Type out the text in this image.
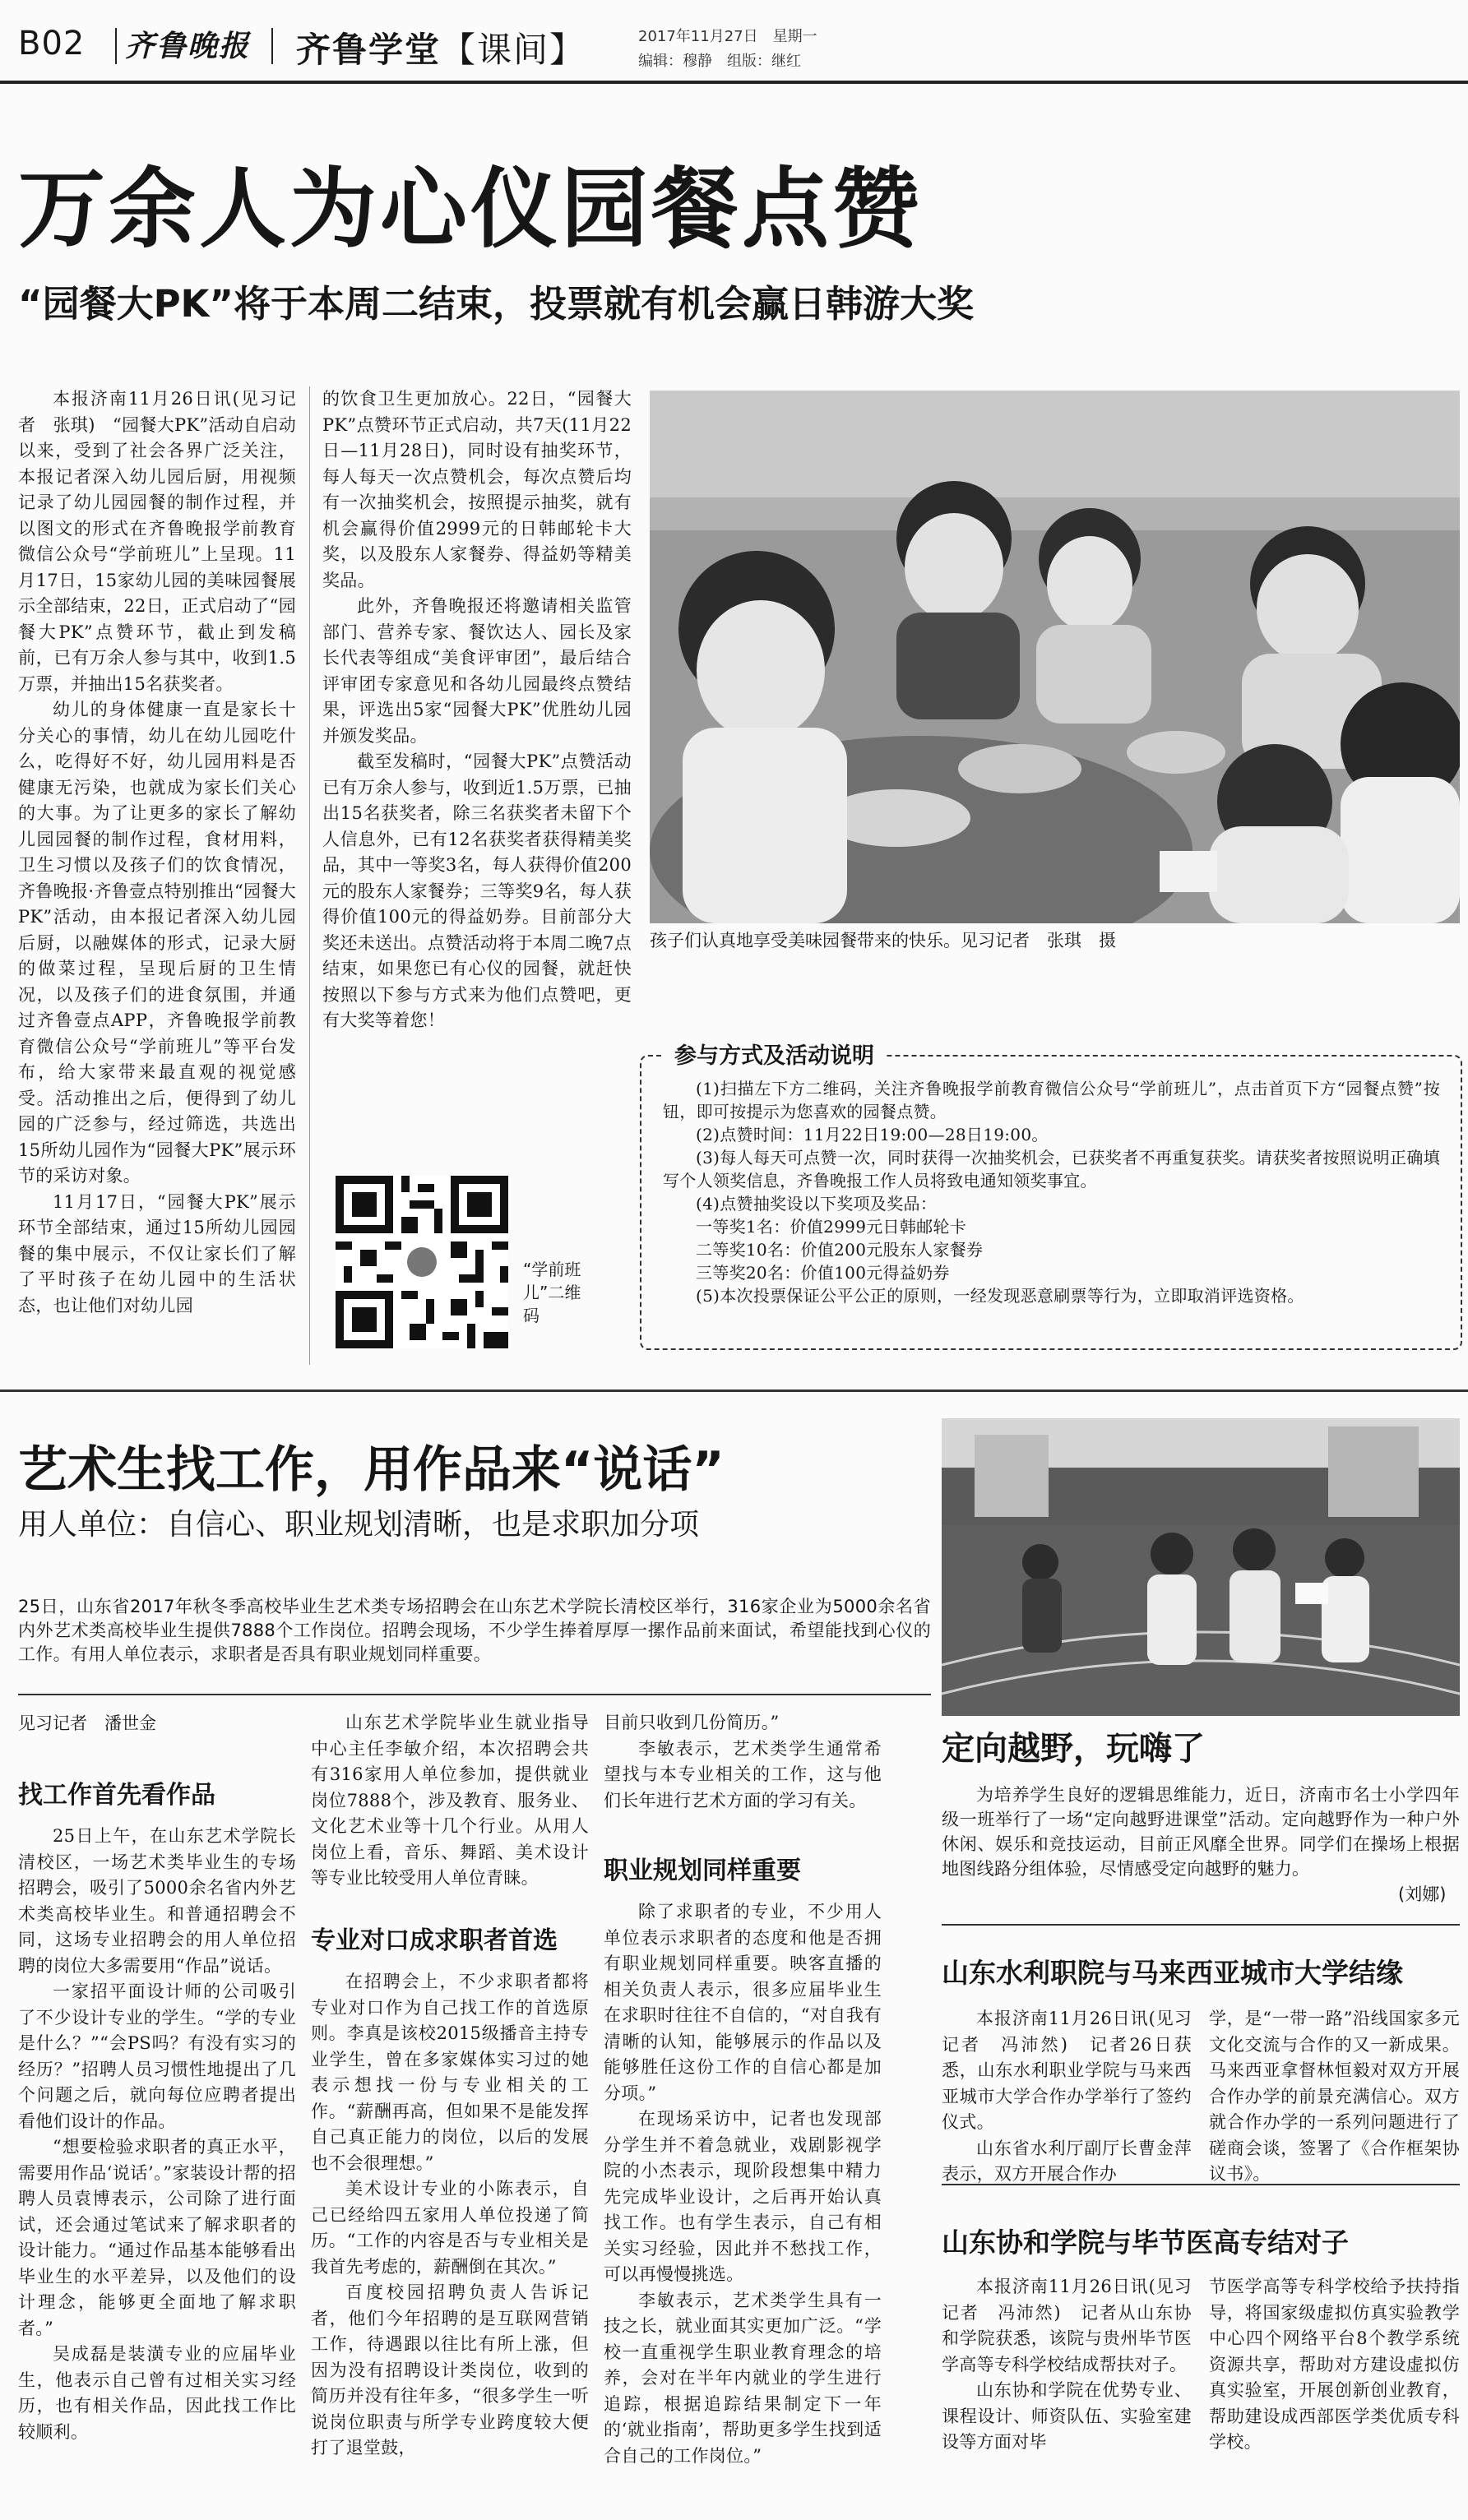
B02 齐鲁晚报 齐鲁学堂【课间】	2017年11月27日　星期一
编辑：穆静　组版：继红
万余人为心仪园餐点赞
“园餐大PK”将于本周二结束，投票就有机会赢日韩游大奖

本报济南11月26日讯(见习记者　张琪)　“园餐大PK”活动自启动以来，受到了社会各界广泛关注，本报记者深入幼儿园后厨，用视频记录了幼儿园园餐的制作过程，并以图文的形式在齐鲁晚报学前教育微信公众号“学前班儿”上呈现。11月17日，15家幼儿园的美味园餐展示全部结束，22日，正式启动了“园餐大PK”点赞环节，截止到发稿前，已有万余人参与其中，收到1.5万票，并抽出15名获奖者。

幼儿的身体健康一直是家长十分关心的事情，幼儿在幼儿园吃什么，吃得好不好，幼儿园用料是否健康无污染，也就成为家长们关心的大事。为了让更多的家长了解幼儿园园餐的制作过程，食材用料，卫生习惯以及孩子们的饮食情况，齐鲁晚报·齐鲁壹点特别推出“园餐大PK”活动，由本报记者深入幼儿园后厨，以融媒体的形式，记录大厨的做菜过程，呈现后厨的卫生情况，以及孩子们的进食氛围，并通过齐鲁壹点APP，齐鲁晚报学前教育微信公众号“学前班儿”等平台发布，给大家带来最直观的视觉感受。活动推出之后，便得到了幼儿园的广泛参与，经过筛选，共选出15所幼儿园作为“园餐大PK”展示环节的采访对象。

11月17日，“园餐大PK”展示环节全部结束，通过15所幼儿园园餐的集中展示，不仅让家长们了解了平时孩子在幼儿园中的生活状态，也让他们对幼儿园

的饮食卫生更加放心。22日，“园餐大PK”点赞环节正式启动，共7天(11月22日—11月28日)，同时设有抽奖环节，每人每天一次点赞机会，每次点赞后均有一次抽奖机会，按照提示抽奖，就有机会赢得价值2999元的日韩邮轮卡大奖，以及股东人家餐券、得益奶等精美奖品。

此外，齐鲁晚报还将邀请相关监管部门、营养专家、餐饮达人、园长及家长代表等组成“美食评审团”，最后结合评审团专家意见和各幼儿园最终点赞结果，评选出5家“园餐大PK”优胜幼儿园并颁发奖品。

截至发稿时，“园餐大PK”点赞活动已有万余人参与，收到近1.5万票，已抽出15名获奖者，除三名获奖者未留下个人信息外，已有12名获奖者获得精美奖品，其中一等奖3名，每人获得价值200元的股东人家餐券；三等奖9名，每人获得价值100元的得益奶券。目前部分大奖还未送出。点赞活动将于本周二晚7点结束，如果您已有心仪的园餐，就赶快按照以下参与方式来为他们点赞吧，更有大奖等着您！

“学前班儿”二维码
孩子们认真地享受美味园餐带来的快乐。见习记者　张琪　摄
参与方式及活动说明

(1)扫描左下方二维码，关注齐鲁晚报学前教育微信公众号“学前班儿”，点击首页下方“园餐点赞”按钮，即可按提示为您喜欢的园餐点赞。

(2)点赞时间：11月22日19:00—28日19:00。

(3)每人每天可点赞一次，同时获得一次抽奖机会，已获奖者不再重复获奖。请获奖者按照说明正确填写个人领奖信息，齐鲁晚报工作人员将致电通知领奖事宜。

(4)点赞抽奖设以下奖项及奖品：

一等奖1名：价值2999元日韩邮轮卡

二等奖10名：价值200元股东人家餐券

三等奖20名：价值100元得益奶券

(5)本次投票保证公平公正的原则，一经发现恶意刷票等行为，立即取消评选资格。

艺术生找工作，用作品来“说话”
用人单位：自信心、职业规划清晰，也是求职加分项
25日，山东省2017年秋冬季高校毕业生艺术类专场招聘会在山东艺术学院长清校区举行，316家企业为5000余名省内外艺术类高校毕业生提供7888个工作岗位。招聘会现场，不少学生捧着厚厚一摞作品前来面试，希望能找到心仪的工作。有用人单位表示，求职者是否具有职业规划同样重要。
见习记者　潘世金
找工作首先看作品

25日上午，在山东艺术学院长清校区，一场艺术类毕业生的专场招聘会，吸引了5000余名省内外艺术类高校毕业生。和普通招聘会不同，这场专业招聘会的用人单位招聘的岗位大多需要用“作品”说话。

一家招平面设计师的公司吸引了不少设计专业的学生。“学的专业是什么？”“会PS吗？有没有实习的经历？”招聘人员习惯性地提出了几个问题之后，就向每位应聘者提出看他们设计的作品。

“想要检验求职者的真正水平，需要用作品‘说话’。”家装设计帮的招聘人员袁博表示，公司除了进行面试，还会通过笔试来了解求职者的设计能力。“通过作品基本能够看出毕业生的水平差异，以及他们的设计理念，能够更全面地了解求职者。”

吴成磊是装潢专业的应届毕业生，他表示自己曾有过相关实习经历，也有相关作品，因此找工作比较顺利。

山东艺术学院毕业生就业指导中心主任李敏介绍，本次招聘会共有316家用人单位参加，提供就业岗位7888个，涉及教育、服务业、文化艺术业等十几个行业。从用人岗位上看，音乐、舞蹈、美术设计等专业比较受用人单位青睐。

专业对口成求职者首选

在招聘会上，不少求职者都将专业对口作为自己找工作的首选原则。李真是该校2015级播音主持专业学生，曾在多家媒体实习过的她表示想找一份与专业相关的工作。“薪酬再高，但如果不是能发挥自己真正能力的岗位，以后的发展也不会很理想。”

美术设计专业的小陈表示，自己已经给四五家用人单位投递了简历。“工作的内容是否与专业相关是我首先考虑的，薪酬倒在其次。”

百度校园招聘负责人告诉记者，他们今年招聘的是互联网营销工作，待遇跟以往比有所上涨，但因为没有招聘设计类岗位，收到的简历并没有往年多，“很多学生一听说岗位职责与所学专业跨度较大便打了退堂鼓，

目前只收到几份简历。”

李敏表示，艺术类学生通常希望找与本专业相关的工作，这与他们长年进行艺术方面的学习有关。

职业规划同样重要

除了求职者的专业，不少用人单位表示求职者的态度和他是否拥有职业规划同样重要。映客直播的相关负责人表示，很多应届毕业生在求职时往往不自信的，“对自我有清晰的认知，能够展示的作品以及能够胜任这份工作的自信心都是加分项。”

在现场采访中，记者也发现部分学生并不着急就业，戏剧影视学院的小杰表示，现阶段想集中精力先完成毕业设计，之后再开始认真找工作。也有学生表示，自己有相关实习经验，因此并不愁找工作，可以再慢慢挑选。

李敏表示，艺术类学生具有一技之长，就业面其实更加广泛。“学校一直重视学生职业教育理念的培养，会对在半年内就业的学生进行追踪，根据追踪结果制定下一年的‘就业指南’，帮助更多学生找到适合自己的工作岗位。”

定向越野，玩嗨了

为培养学生良好的逻辑思维能力，近日，济南市名士小学四年级一班举行了一场“定向越野进课堂”活动。定向越野作为一种户外休闲、娱乐和竞技运动，目前正风靡全世界。同学们在操场上根据地图线路分组体验，尽情感受定向越野的魅力。

(刘娜)
山东水利职院与马来西亚城市大学结缘

本报济南11月26日讯(见习记者　冯沛然)　记者26日获悉，山东水利职业学院与马来西亚城市大学合作办学举行了签约仪式。

山东省水利厅副厅长曹金萍表示，双方开展合作办

学，是“一带一路”沿线国家多元文化交流与合作的又一新成果。马来西亚拿督林恒毅对双方开展合作办学的前景充满信心。双方就合作办学的一系列问题进行了磋商会谈，签署了《合作框架协议书》。

山东协和学院与毕节医高专结对子

本报济南11月26日讯(见习记者　冯沛然)　记者从山东协和学院获悉，该院与贵州毕节医学高等专科学校结成帮扶对子。

山东协和学院在优势专业、课程设计、师资队伍、实验室建设等方面对毕

节医学高等专科学校给予扶持指导，将国家级虚拟仿真实验教学中心四个网络平台8个教学系统资源共享，帮助对方建设虚拟仿真实验室，开展创新创业教育，帮助建设成西部医学类优质专科学校。
